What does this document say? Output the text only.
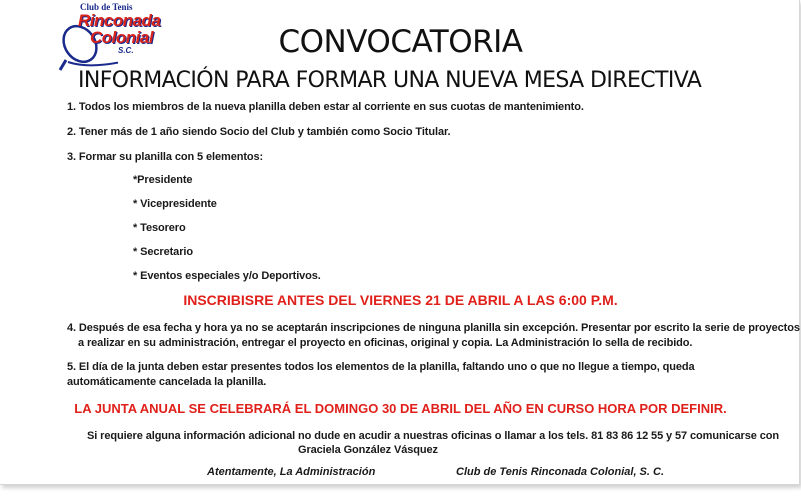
Club de Tenis
Rinconada
Colonial
S.C.	CONVOCATORIA
INFORMACIÓN PARA FORMAR UNA NUEVA MESA DIRECTIVA
1. Todos los miembros de la nueva planilla deben estar al corriente en sus cuotas de mantenimiento.
2. Tener más de 1 año siendo Socio del Club y también como Socio Titular.
3. Formar su planilla con 5 elementos:
*Presidente
* Vicepresidente
* Tesorero
* Secretario
* Eventos especiales y/o Deportivos.
INSCRIBISRE ANTES DEL VIERNES 21 DE ABRIL A LAS 6:00 P.M.
4. Después de esa fecha y hora ya no se aceptarán inscripciones de ninguna planilla sin excepción. Presentar por escrito la serie de proyectos
a realizar en su administración, entregar el proyecto en oficinas, original y copia. La Administración lo sella de recibido.
5. El día de la junta deben estar presentes todos los elementos de la planilla, faltando uno o que no llegue a tiempo, queda
automáticamente cancelada la planilla.
LA JUNTA ANUAL SE CELEBRARÁ EL DOMINGO 30 DE ABRIL DEL AÑO EN CURSO HORA POR DEFINIR.
Si requiere alguna información adicional no dude en acudir a nuestras oficinas o llamar a los tels. 81 83 86 12 55 y 57 comunicarse con
Graciela González Vásquez
Atentamente, La Administración	Club de Tenis Rinconada Colonial, S. C.
